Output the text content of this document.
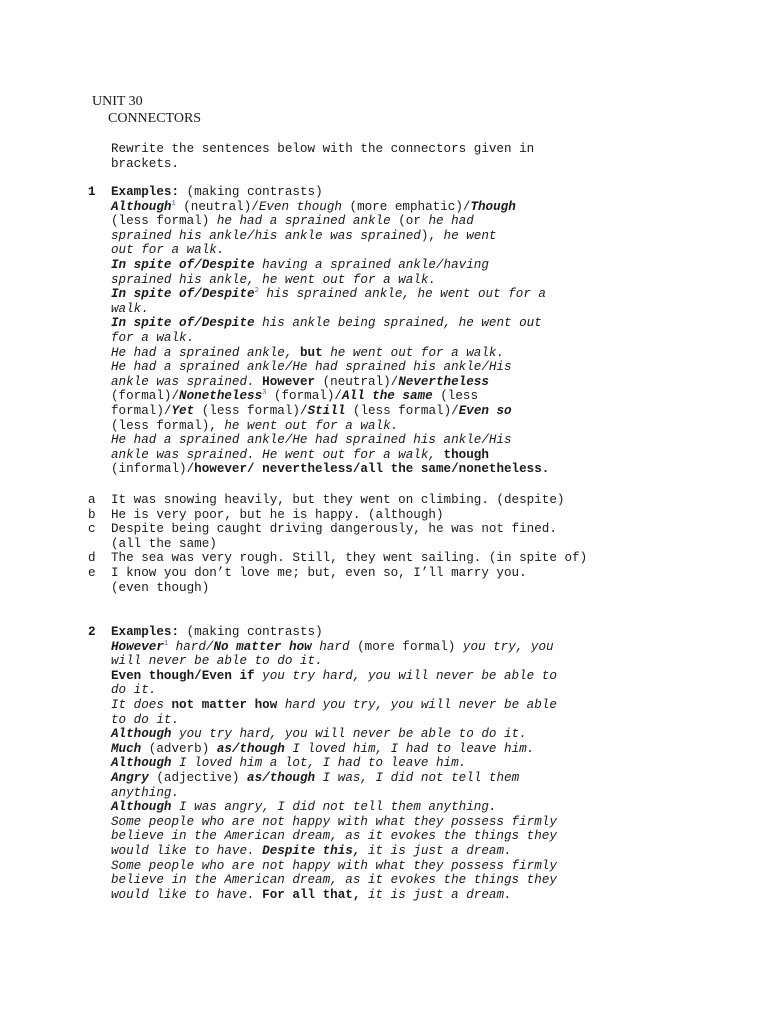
UNIT 30
CONNECTORS
Rewrite the sentences below with the connectors given in
brackets.
1	Examples: (making contrasts)
Although$^1$ (neutral)/Even though (more emphatic)/Though
(less formal) he had a sprained ankle (or he had
sprained his ankle/his ankle was sprained), he went
out for a walk.
In spite of/Despite having a sprained ankle/having
sprained his ankle, he went out for a walk.
In spite of/Despite$^2$ his sprained ankle, he went out for a
walk.
In spite of/Despite his ankle being sprained, he went out
for a walk.
He had a sprained ankle, but he went out for a walk.
He had a sprained ankle/He had sprained his ankle/His
ankle was sprained. However (neutral)/Nevertheless
(formal)/Nonetheless$^3$ (formal)/All the same (less
formal)/Yet (less formal)/Still (less formal)/Even so
(less formal), he went out for a walk.
He had a sprained ankle/He had sprained his ankle/His
ankle was sprained. He went out for a walk, though
(informal)/however/ nevertheless/all the same/nonetheless.
a	It was snowing heavily, but they went on climbing. (despite)
b	He is very poor, but he is happy. (although)
c	Despite being caught driving dangerously, he was not fined.
(all the same)
d	The sea was very rough. Still, they went sailing. (in spite of)
e	I know you don’t love me; but, even so, I’ll marry you.
(even though)
2	Examples: (making contrasts)
However$^1$ hard/No matter how hard (more formal) you try, you
will never be able to do it.
Even though/Even if you try hard, you will never be able to
do it.
It does not matter how hard you try, you will never be able
to do it.
Although you try hard, you will never be able to do it.
Much (adverb) as/though I loved him, I had to leave him.
Although I loved him a lot, I had to leave him.
Angry (adjective) as/though I was, I did not tell them
anything.
Although I was angry, I did not tell them anything.
Some people who are not happy with what they possess firmly
believe in the American dream, as it evokes the things they
would like to have. Despite this, it is just a dream.
Some people who are not happy with what they possess firmly
believe in the American dream, as it evokes the things they
would like to have. For all that, it is just a dream.
